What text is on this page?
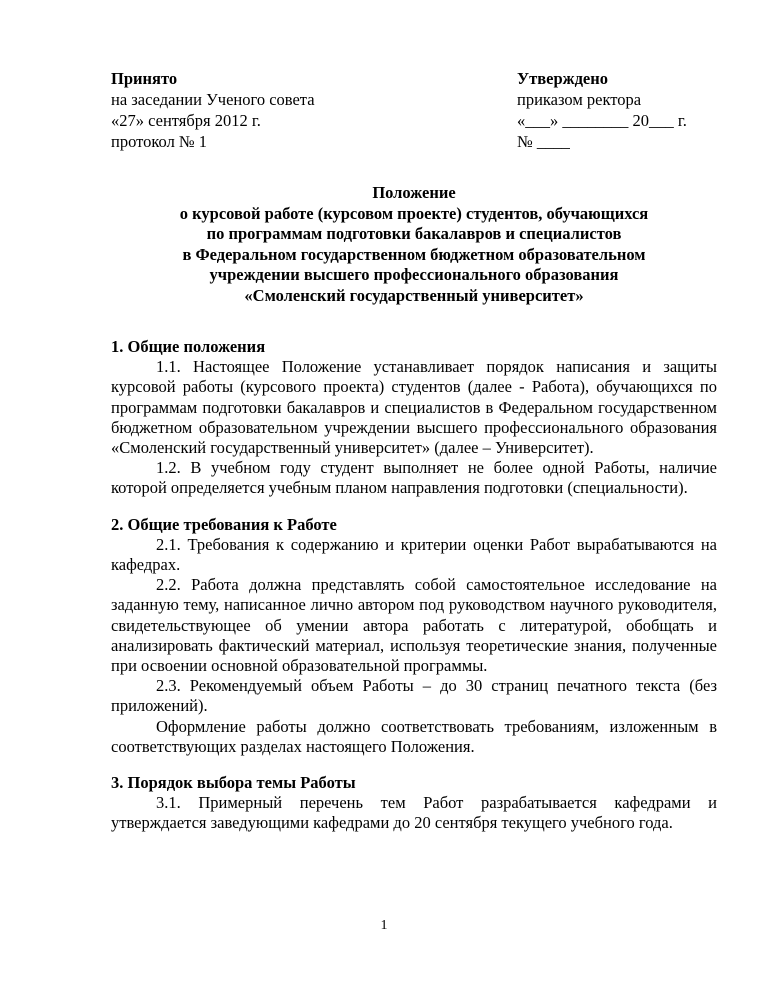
Принято
на заседании Ученого совета
«27» сентября 2012 г.
протокол № 1
Утверждено
приказом ректора
«___» ________ 20___ г.
№ ____
Положение
о курсовой работе (курсовом проекте) студентов, обучающихся
по программам подготовки бакалавров и специалистов
в Федеральном государственном бюджетном образовательном
учреждении высшего профессионального образования
«Смоленский государственный университет»

1. Общие положения

1.1. Настоящее Положение устанавливает порядок написания и защиты курсовой работы (курсового проекта) студентов (далее - Работа), обучающихся по программам подготовки бакалавров и специалистов в Федеральном государственном бюджетном образовательном учреждении высшего профессионального образования «Смоленский государственный университет» (далее – Университет).

1.2. В учебном году студент выполняет не более одной Работы, наличие которой определяется учебным планом направления подготовки (специальности).

2. Общие требования к Работе

2.1. Требования к содержанию и критерии оценки Работ вырабатываются на кафедрах.

2.2. Работа должна представлять собой самостоятельное исследование на заданную тему, написанное лично автором под руководством научного руководителя, свидетельствующее об умении автора работать с литературой, обобщать и анализировать фактический материал, используя теоретические знания, полученные при освоении основной образовательной программы.

2.3. Рекомендуемый объем Работы – до 30 страниц печатного текста (без приложений).

Оформление работы должно соответствовать требованиям, изложенным в соответствующих разделах настоящего Положения.

3. Порядок выбора темы Работы

3.1. Примерный перечень тем Работ разрабатывается кафедрами и утверждается заведующими кафедрами до 20 сентября текущего учебного года.

1
